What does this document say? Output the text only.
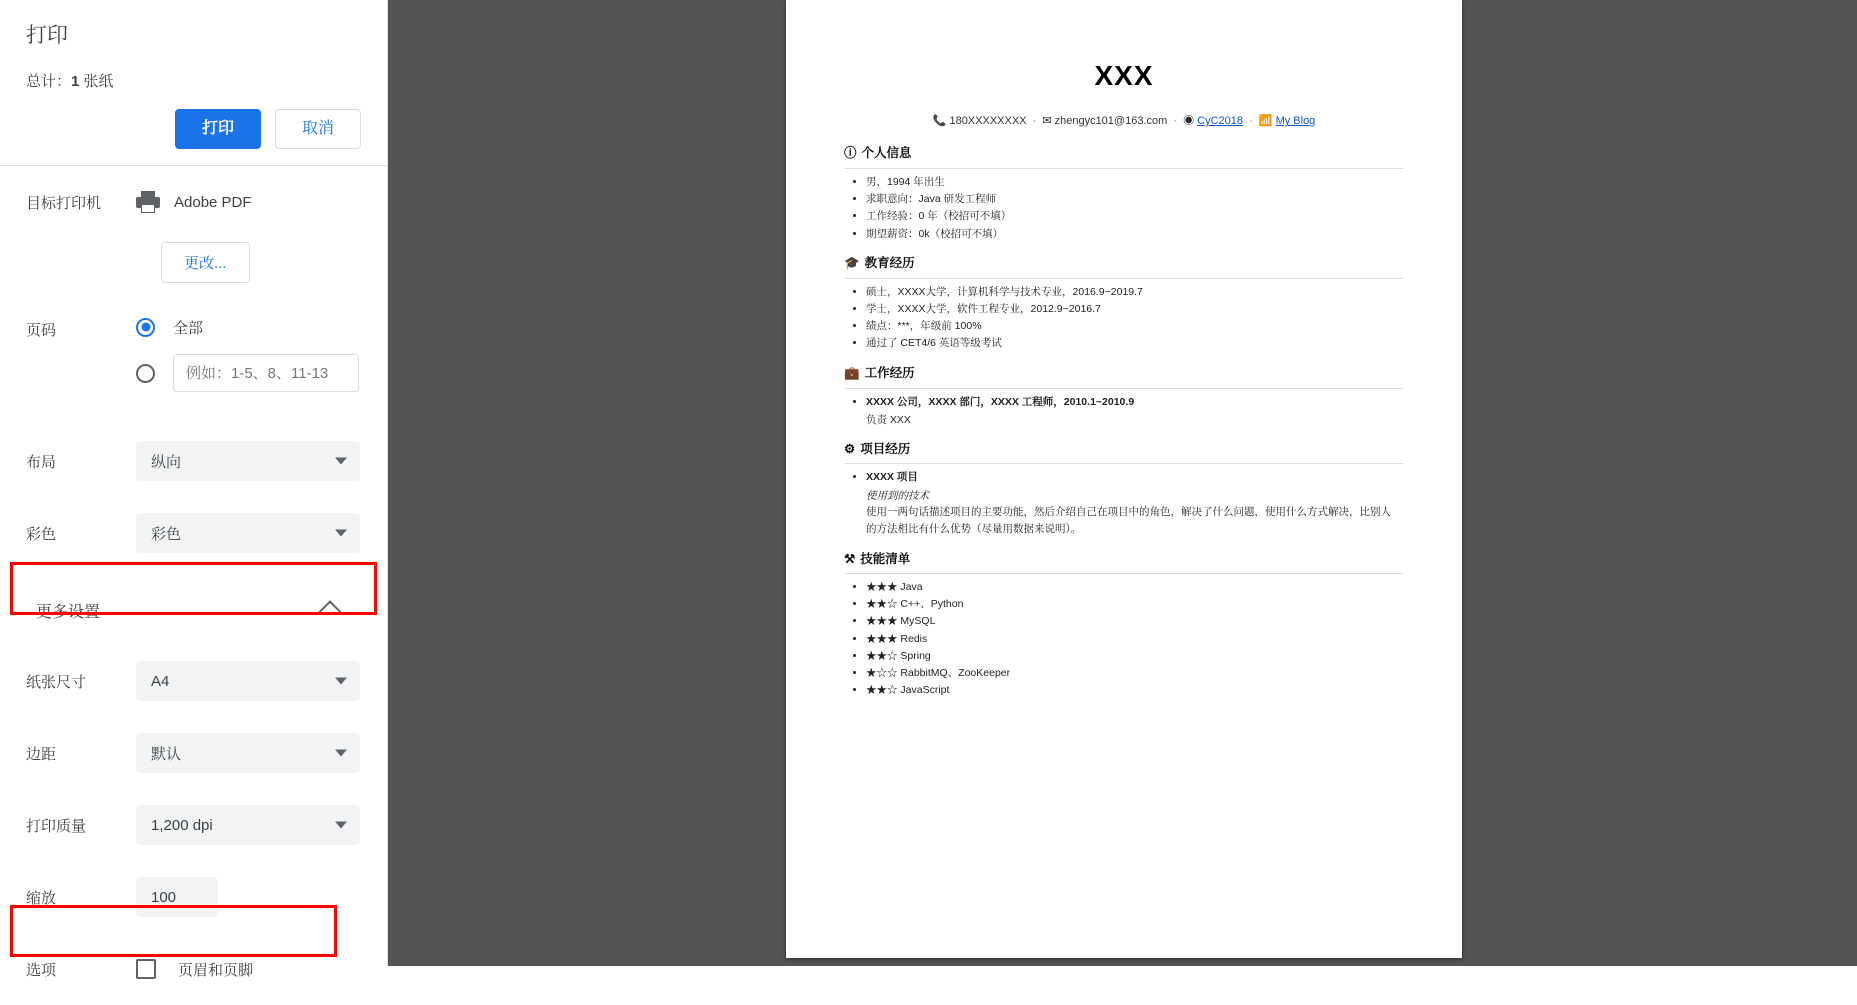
打印
总计：1 张纸
打印	取消
目标打印机	Adobe PDF
更改...
页码	全部
例如：1-5、8、11-13
布局	纵向
彩色	彩色
更多设置
纸张尺寸	A4
边距	默认
打印质量	1,200 dpi
缩放
100
选项	页眉和页脚
XXX
📞 180XXXXXXXX · ✉ zhengyc101@163.com · ◉ CyC2018 · 📶 My Blog
ⓘ 个人信息
• 男，1994 年出生
• 求职意向：Java 研发工程师
• 工作经验：0 年（校招可不填）
• 期望薪资：0k（校招可不填）
🎓 教育经历
• 硕士，XXXX大学，计算机科学与技术专业，2016.9~2019.7
• 学士，XXXX大学，软件工程专业，2012.9~2016.7
• 绩点：***，年级前 100%
• 通过了 CET4/6 英语等级考试
💼 工作经历
• XXXX 公司，XXXX 部门，XXXX 工程师，2010.1~2010.9
负责 XXX
⚙ 项目经历
• XXXX 项目
使用到的技术
使用一两句话描述项目的主要功能，然后介绍自己在项目中的角色，解决了什么问题，使用什么方式解决，比别人的方法相比有什么优势（尽量用数据来说明）。
⚒ 技能清单
• ★★★ Java
• ★★☆ C++、Python
• ★★★ MySQL
• ★★★ Redis
• ★★☆ Spring
• ★☆☆ RabbitMQ、ZooKeeper
• ★★☆ JavaScript
